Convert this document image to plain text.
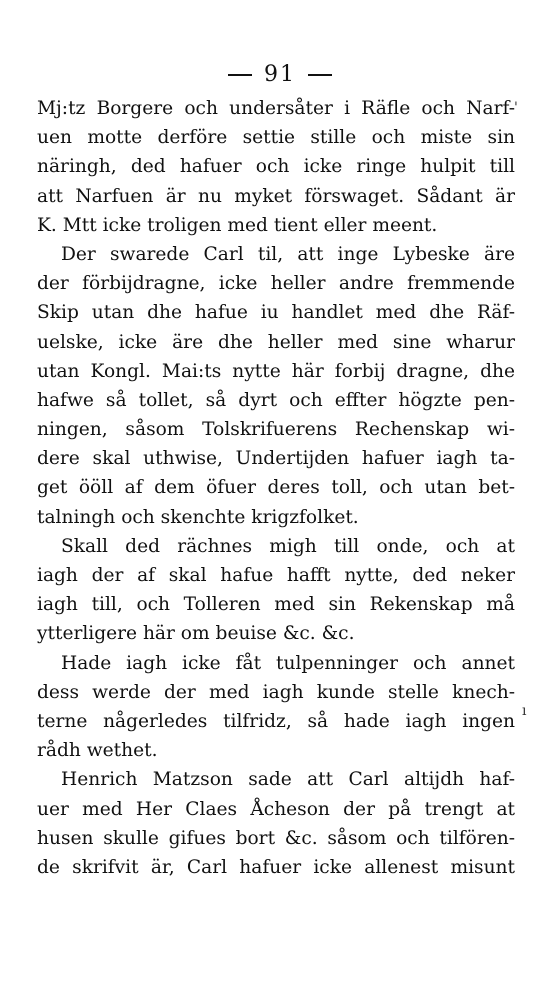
91
Mj:tz Borgere och undersåter i Räfle och Narf-
uen motte derföre settie stille och miste sin
näringh, ded hafuer och icke ringe hulpit till
att Narfuen är nu myket förswaget. Sådant är
K. Mtt icke troligen med tient eller meent.
Der swarede Carl til, att inge Lybeske äre
der förbijdragne, icke heller andre fremmende
Skip utan dhe hafue iu handlet med dhe Räf-
uelske, icke äre dhe heller med sine wharur
utan Kongl. Mai:ts nytte här forbij dragne, dhe
hafwe så tollet, så dyrt och effter högzte pen-
ningen, såsom Tolskrifuerens Rechenskap wi-
dere skal uthwise, Undertijden hafuer iagh ta-
get ööll af dem öfuer deres toll, och utan bet-
talningh och skenchte krigzfolket.
Skall ded rächnes migh till onde, och at
iagh der af skal hafue hafft nytte, ded neker
iagh till, och Tolleren med sin Rekenskap må
ytterligere här om beuise &c. &c.
Hade iagh icke fåt tulpenninger och annet
dess werde der med iagh kunde stelle knech-
terne någerledes tilfridz, så hade iagh ingen
rådh wethet.
Henrich Matzson sade att Carl altijdh haf-
uer med Her Claes Åcheson der på trengt at
husen skulle gifues bort &c. såsom och tilfören-
de skrifvit är, Carl hafuer icke allenest misunt
ı
'
